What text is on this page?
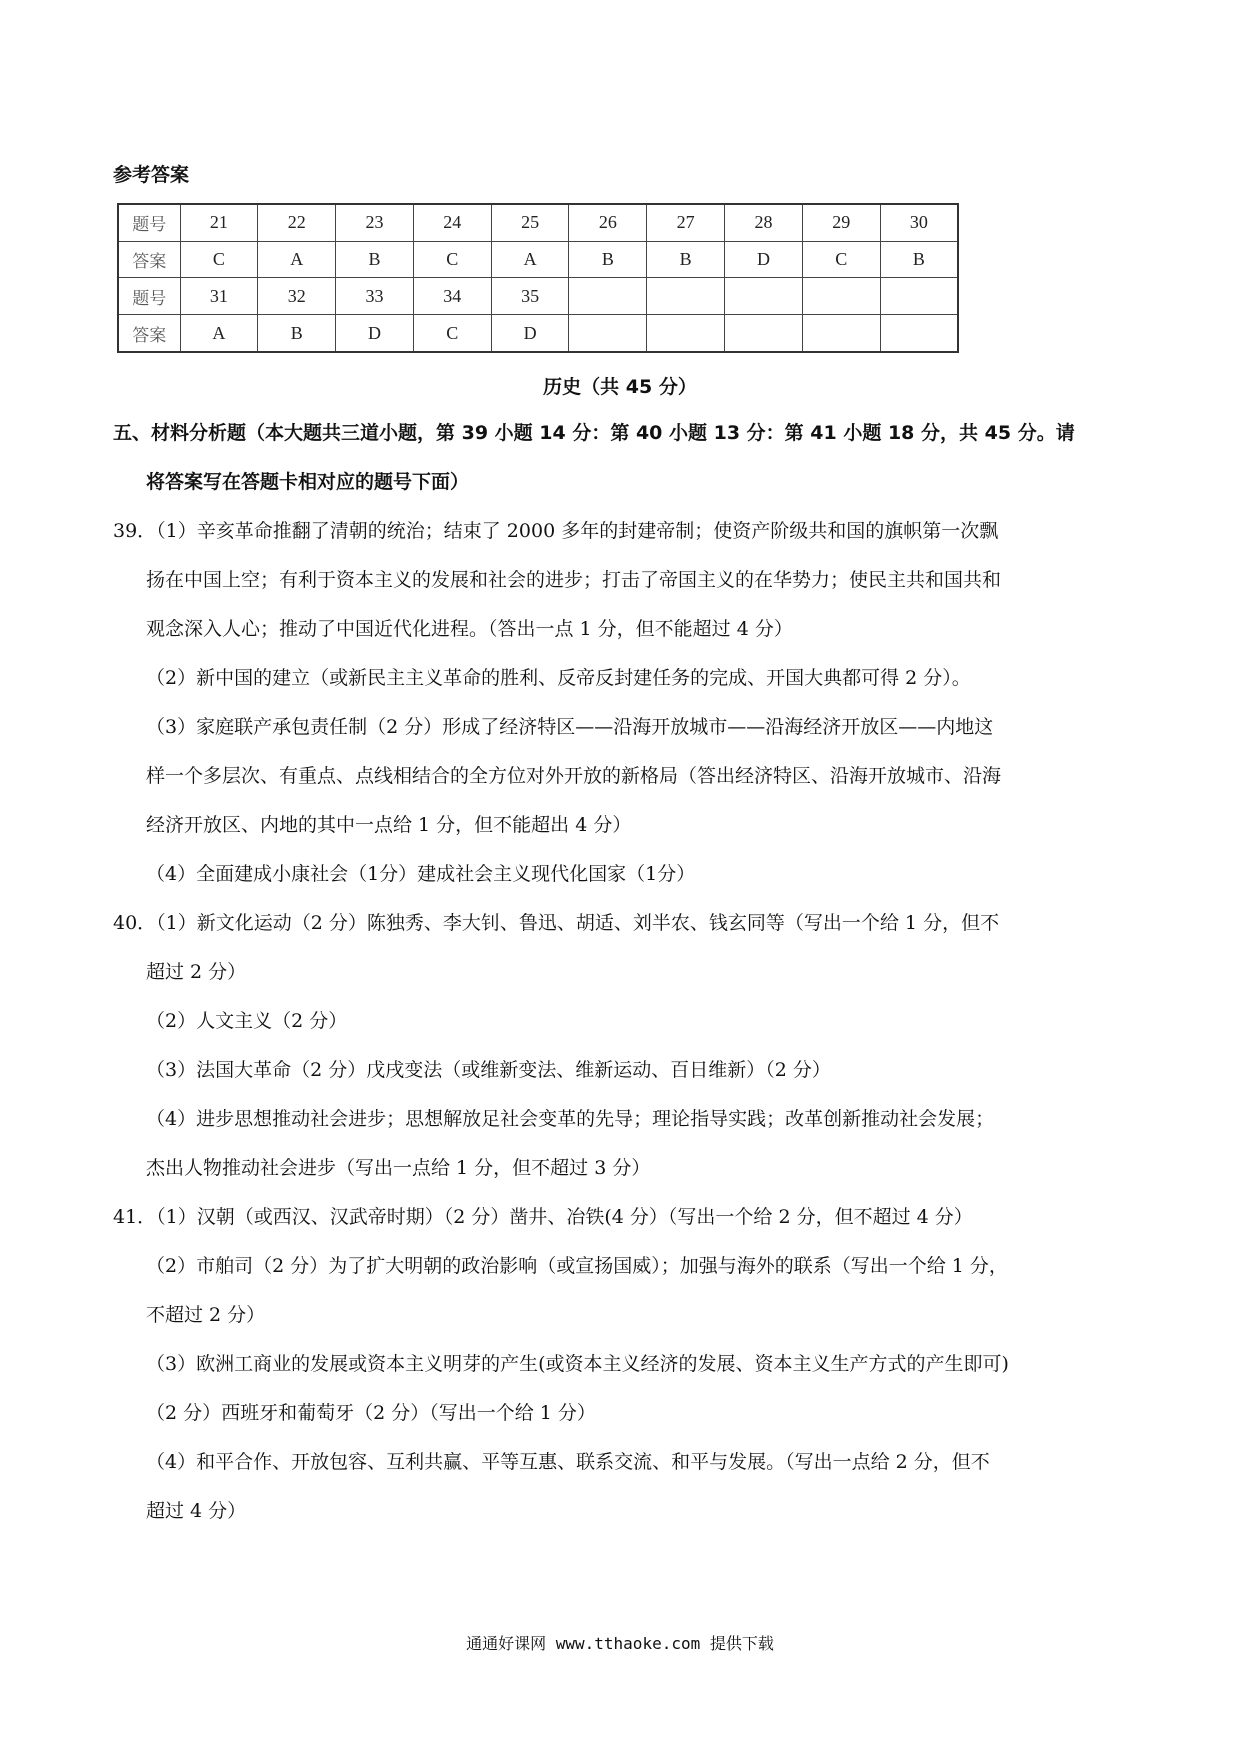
参考答案
题号	21	22	23	24	25	26	27	28	29	30
答案	C	A	B	C	A	B	B	D	C	B
题号	31	32	33	34	35					
答案	A	B	D	C	D					
历史（共 45 分）
五、材料分析题（本大题共三道小题，第 39 小题 14 分：第 40 小题 13 分：第 41 小题 18 分，共 45 分。请
将答案写在答题卡相对应的题号下面）
39．（1）辛亥革命推翻了清朝的统治；结束了 2000 多年的封建帝制；使资产阶级共和国的旗帜第一次飘
扬在中国上空；有利于资本主义的发展和社会的进步；打击了帝国主义的在华势力；使民主共和国共和
观念深入人心；推动了中国近代化进程。（答出一点 1 分，但不能超过 4 分）
（2）新中国的建立（或新民主主义革命的胜利、反帝反封建任务的完成、开国大典都可得 2 分）。
（3）家庭联产承包责任制（2 分）形成了经济特区——沿海开放城市——沿海经济开放区——内地这
样一个多层次、有重点、点线相结合的全方位对外开放的新格局（答出经济特区、沿海开放城市、沿海
经济开放区、内地的其中一点给 1 分，但不能超出 4 分）
（4）全面建成小康社会（1分）建成社会主义现代化国家（1分）
40．（1）新文化运动（2 分）陈独秀、李大钊、鲁迅、胡适、刘半农、钱玄同等（写出一个给 1 分，但不
超过 2 分）
（2）人文主义（2 分）
（3）法国大革命（2 分）戊戌变法（或维新变法、维新运动、百日维新）（2 分）
（4）进步思想推动社会进步；思想解放足社会变革的先导；理论指导实践；改革创新推动社会发展；
杰出人物推动社会进步（写出一点给 1 分，但不超过 3 分）
41．（1）汉朝（或西汉、汉武帝时期）（2 分）凿井、冶铁(4 分）（写出一个给 2 分，但不超过 4 分）
（2）市舶司（2 分）为了扩大明朝的政治影响（或宣扬国威）；加强与海外的联系（写出一个给 1 分，
不超过 2 分）
（3）欧洲工商业的发展或资本主义明芽的产生(或资本主义经济的发展、资本主义生产方式的产生即可)
（2 分）西班牙和葡萄牙（2 分）（写出一个给 1 分）
（4）和平合作、开放包容、互利共赢、平等互惠、联系交流、和平与发展。（写出一点给 2 分，但不
超过 4 分）
通通好课网 www.tthaoke.com 提供下载
